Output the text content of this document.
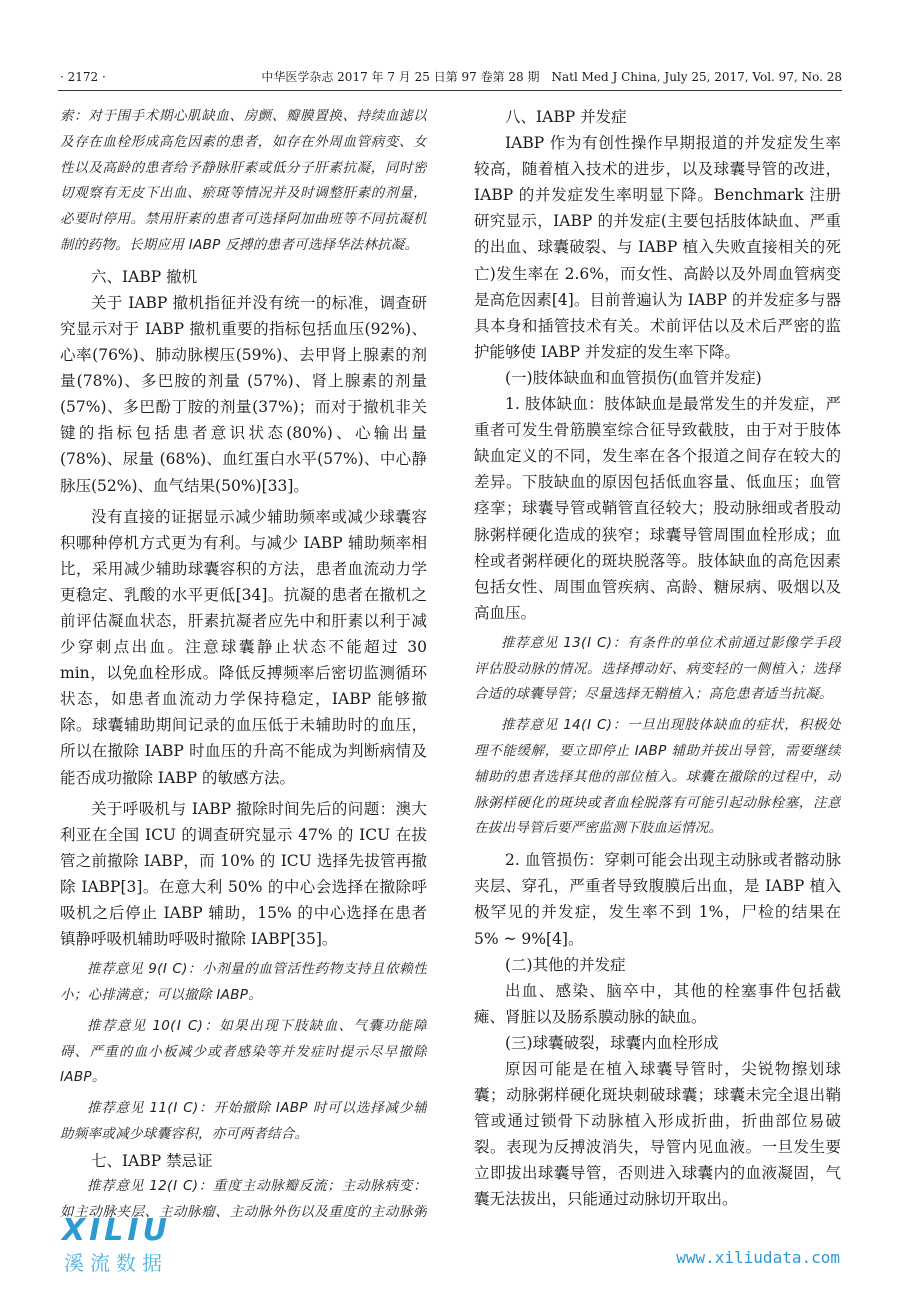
· 2172 ·	中华医学杂志 2017 年 7 月 25 日第 97 卷第 28 期　Natl Med J China, July 25, 2017, Vol. 97, No. 28

索：对于围手术期心肌缺血、房颤、瓣膜置换、持续血滤以及存在血栓形成高危因素的患者，如存在外周血管病变、女性以及高龄的患者给予静脉肝素或低分子肝素抗凝，同时密切观察有无皮下出血、瘀斑等情况并及时调整肝素的剂量，必要时停用。禁用肝素的患者可选择阿加曲班等不同抗凝机制的药物。长期应用 IABP 反搏的患者可选择华法林抗凝。

六、IABP 撤机

关于 IABP 撤机指征并没有统一的标准，调查研究显示对于 IABP 撤机重要的指标包括血压(92%)、心率(76%)、肺动脉楔压(59%)、去甲肾上腺素的剂量(78%)、多巴胺的剂量 (57%)、肾上腺素的剂量(57%)、多巴酚丁胺的剂量(37%)；而对于撤机非关键的指标包括患者意识状态(80%)、心输出量 (78%)、尿量 (68%)、血红蛋白水平(57%)、中心静脉压(52%)、血气结果(50%)[33]。

没有直接的证据显示减少辅助频率或减少球囊容积哪种停机方式更为有利。与减少 IABP 辅助频率相比，采用减少辅助球囊容积的方法，患者血流动力学更稳定、乳酸的水平更低[34]。抗凝的患者在撤机之前评估凝血状态，肝素抗凝者应先中和肝素以利于减少穿刺点出血。注意球囊静止状态不能超过 30 min，以免血栓形成。降低反搏频率后密切监测循环状态，如患者血流动力学保持稳定，IABP 能够撤除。球囊辅助期间记录的血压低于未辅助时的血压，所以在撤除 IABP 时血压的升高不能成为判断病情及能否成功撤除 IABP 的敏感方法。

关于呼吸机与 IABP 撤除时间先后的问题：澳大利亚在全国 ICU 的调查研究显示 47% 的 ICU 在拔管之前撤除 IABP，而 10% 的 ICU 选择先拔管再撤除 IABP[3]。在意大利 50% 的中心会选择在撤除呼吸机之后停止 IABP 辅助，15% 的中心选择在患者镇静呼吸机辅助呼吸时撤除 IABP[35]。

推荐意见 9(Ⅰ C)：小剂量的血管活性药物支持且依赖性小；心排满意；可以撤除 IABP。

推荐意见 10(Ⅰ C)：如果出现下肢缺血、气囊功能障碍、严重的血小板减少或者感染等并发症时提示尽早撤除 IABP。

推荐意见 11(Ⅰ C)：开始撤除 IABP 时可以选择减少辅助频率或减少球囊容积，亦可两者结合。

七、IABP 禁忌证

推荐意见 12(Ⅰ C)：重度主动脉瓣反流；主动脉病变：如主动脉夹层、主动脉瘤、主动脉外伤以及重度的主动脉粥

八、IABP 并发症

IABP 作为有创性操作早期报道的并发症发生率较高，随着植入技术的进步，以及球囊导管的改进，IABP 的并发症发生率明显下降。Benchmark 注册研究显示，IABP 的并发症(主要包括肢体缺血、严重的出血、球囊破裂、与 IABP 植入失败直接相关的死亡)发生率在 2.6%，而女性、高龄以及外周血管病变是高危因素[4]。目前普遍认为 IABP 的并发症多与器具本身和插管技术有关。术前评估以及术后严密的监护能够使 IABP 并发症的发生率下降。

(一)肢体缺血和血管损伤(血管并发症)

1. 肢体缺血：肢体缺血是最常发生的并发症，严重者可发生骨筋膜室综合征导致截肢，由于对于肢体缺血定义的不同，发生率在各个报道之间存在较大的差异。下肢缺血的原因包括低血容量、低血压；血管痉挛；球囊导管或鞘管直径较大；股动脉细或者股动脉粥样硬化造成的狭窄；球囊导管周围血栓形成；血栓或者粥样硬化的斑块脱落等。肢体缺血的高危因素包括女性、周围血管疾病、高龄、糖尿病、吸烟以及高血压。

推荐意见 13(Ⅰ C)：有条件的单位术前通过影像学手段评估股动脉的情况。选择搏动好、病变轻的一侧植入；选择合适的球囊导管；尽量选择无鞘植入；高危患者适当抗凝。

推荐意见 14(Ⅰ C)：一旦出现肢体缺血的症状，积极处理不能缓解，要立即停止 IABP 辅助并拔出导管，需要继续辅助的患者选择其他的部位植入。球囊在撤除的过程中，动脉粥样硬化的斑块或者血栓脱落有可能引起动脉栓塞，注意在拔出导管后要严密监测下肢血运情况。

2. 血管损伤：穿刺可能会出现主动脉或者髂动脉夹层、穿孔，严重者导致腹膜后出血，是 IABP 植入极罕见的并发症，发生率不到 1%，尸检的结果在 5% ~ 9%[4]。

(二)其他的并发症

出血、感染、脑卒中，其他的栓塞事件包括截瘫、肾脏以及肠系膜动脉的缺血。

(三)球囊破裂，球囊内血栓形成

原因可能是在植入球囊导管时，尖锐物擦划球囊；动脉粥样硬化斑块刺破球囊；球囊未完全退出鞘管或通过锁骨下动脉植入形成折曲，折曲部位易破裂。表现为反搏波消失，导管内见血液。一旦发生要立即拔出球囊导管，否则进入球囊内的血液凝固，气囊无法拔出，只能通过动脉切开取出。

XILIU
溪流数据	www.xiliudata.com
